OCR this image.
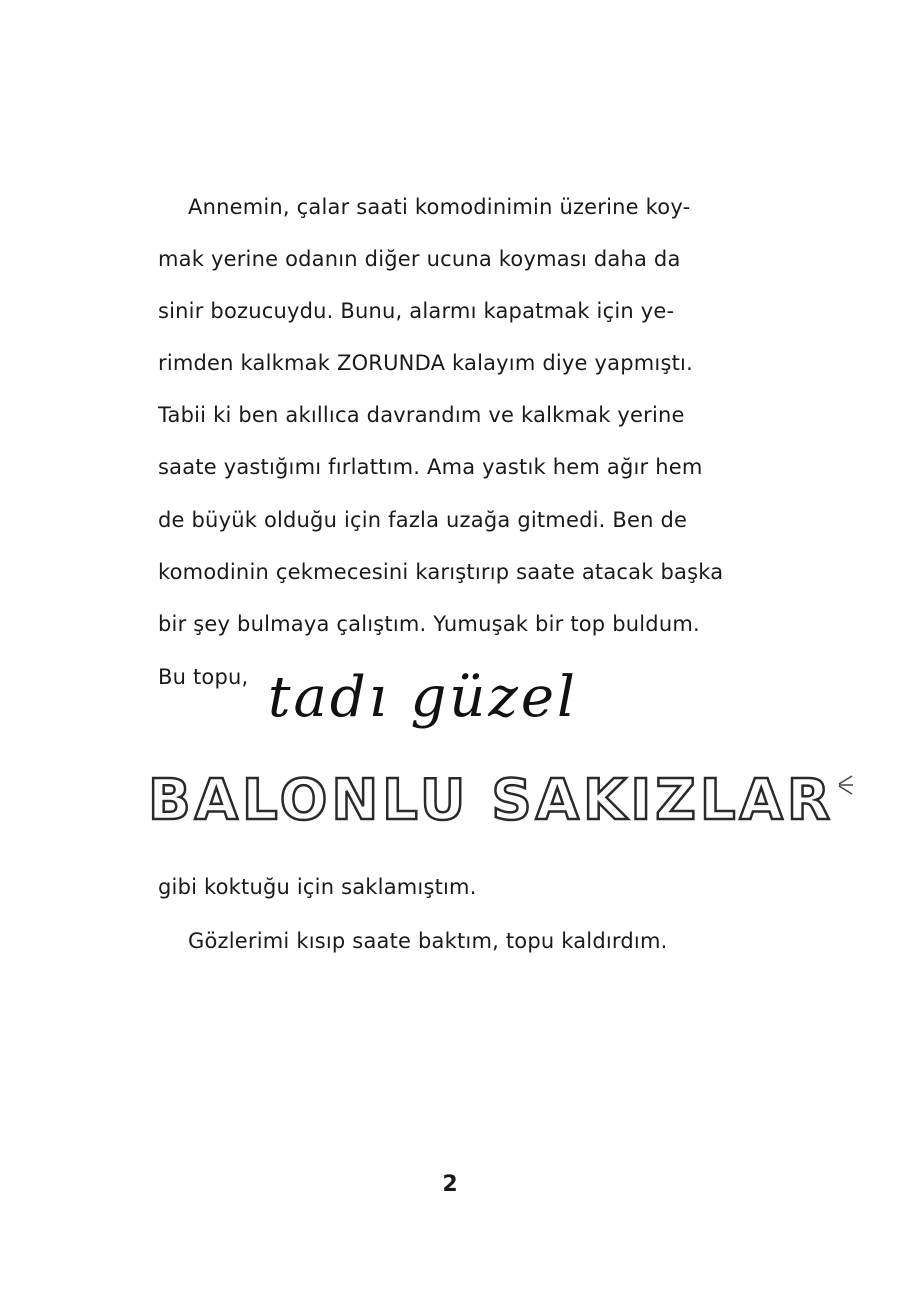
Annemin, çalar saati komodinimin üzerine koy-
mak yerine odanın diğer ucuna koyması daha da
sinir bozucuydu. Bunu, alarmı kapatmak için ye-
rimden kalkmak ZORUNDA kalayım diye yapmıştı.
Tabii ki ben akıllıca davrandım ve kalkmak yerine
saate yastığımı fırlattım. Ama yastık hem ağır hem
de büyük olduğu için fazla uzağa gitmedi. Ben de
komodinin çekmecesini karıştırıp saate atacak başka
bir şey bulmaya çalıştım. Yumuşak bir top buldum.
Bu topu, tadı güzel
BALONLU SAKIZLAR
gibi koktuğu için saklamıştım.
Gözlerimi kısıp saate baktım, topu kaldırdım.
2
